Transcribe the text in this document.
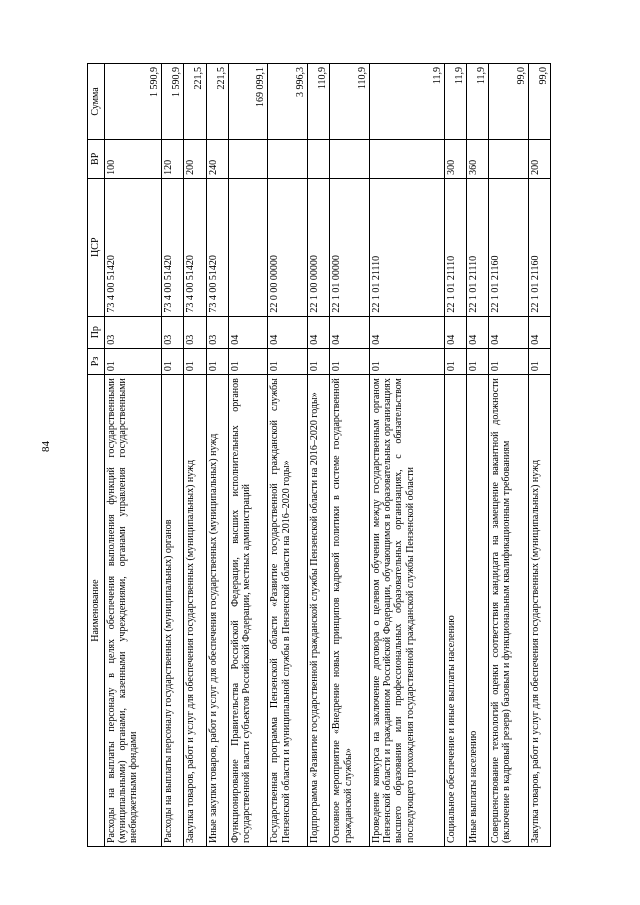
84
Наименование	Рз	Пр	ЦСР	ВР	Сумма
Расходы на выплаты персоналу в целях обеспечения выполнения функций государственными (муниципальными) органами, казенными учреждениями, органами управления государственными внебюджетными фондами	01	03	73 4 00 51420	100	1 590,9
Расходы на выплаты персоналу государственных (муниципальных) органов	01	03	73 4 00 51420	120	1 590,9
Закупка товаров, работ и услуг для обеспечения государственных (муниципальных) нужд	01	03	73 4 00 51420	200	221,5
Иные закупки товаров, работ и услуг для обеспечения государственных (муниципальных) нужд	01	03	73 4 00 51420	240	221,5
Функционирование Правительства Российской Федерации, высших исполнительных органов государственной власти субъектов Российской Федерации, местных администраций	01	04			169 099,1
Государственная программа Пензенской области «Развитие государственной гражданской службы Пензенской области и муниципальной службы в Пензенской области на 2016–2020 годы»	01	04	22 0 00 00000		3 996,3
Подпрограмма «Развитие государственной гражданской службы Пензенской области на 2016–2020 годы»	01	04	22 1 00 00000		110,9
Основное мероприятие «Внедрение новых принципов кадровой политики в системе государственной гражданской службы»	01	04	22 1 01 00000		110,9
Проведение конкурса на заключение договора о целевом обучении между государственным органом Пензенской области и гражданином Российской Федерации, обучающимся в образовательных организациях высшего образования или профессиональных образовательных организациях, с обязательством последующего прохождения государственной гражданской службы Пензенской области	01	04	22 1 01 21110		11,9
Социальное обеспечение и иные выплаты населению	01	04	22 1 01 21110	300	11,9
Иные выплаты населению	01	04	22 1 01 21110	360	11,9
Совершенствование технологий оценки соответствия кандидата на замещение вакантной должности (включение в кадровый резерв) базовым и функциональным квалификационным требованиям	01	04	22 1 01 21160		99,0
Закупка товаров, работ и услуг для обеспечения государственных (муниципальных) нужд	01	04	22 1 01 21160	200	99,0
